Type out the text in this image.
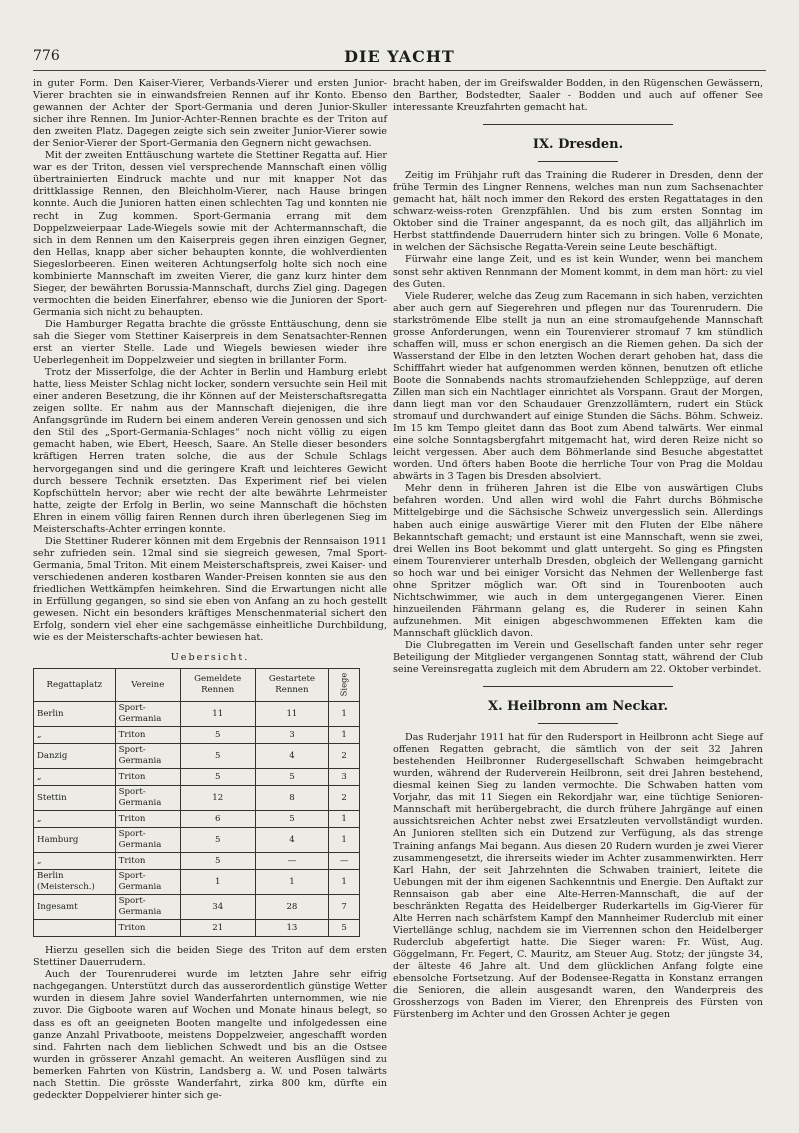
776	DIE YACHT

in guter Form. Den Kaiser-Vierer, Verbands-Vierer und ersten Junior-Vierer brachten sie in einwandsfreien Rennen auf ihr Konto. Ebenso gewannen der Achter der Sport-Germania und deren Junior-Skuller sicher ihre Rennen. Im Junior-Achter-Rennen brachte es der Triton auf den zweiten Platz. Dagegen zeigte sich sein zweiter Junior-Vierer sowie der Senior-Vierer der Sport-Germania den Gegnern nicht gewachsen.

Mit der zweiten Enttäuschung wartete die Stettiner Regatta auf. Hier war es der Triton, dessen viel versprechende Mannschaft einen völlig übertrainierten Eindruck machte und nur mit knapper Not das drittklassige Rennen, den Bleichholm-Vierer, nach Hause bringen konnte. Auch die Junioren hatten einen schlechten Tag und konnten nie recht in Zug kommen. Sport-Germania errang mit dem Doppelzweierpaar Lade-Wiegels sowie mit der Achtermannschaft, die sich in dem Rennen um den Kaiserpreis gegen ihren einzigen Gegner, den Hellas, knapp aber sicher behaupten konnte, die wohlverdienten Siegeslorbeeren. Einen weiteren Achtungserfolg holte sich noch eine kombinierte Mannschaft im zweiten Vierer, die ganz kurz hinter dem Sieger, der bewährten Borussia-Mannschaft, durchs Ziel ging. Dagegen vermochten die beiden Einerfahrer, ebenso wie die Junioren der Sport-Germania sich nicht zu behaupten.

Die Hamburger Regatta brachte die grösste Enttäuschung, denn sie sah die Sieger vom Stettiner Kaiserpreis in dem Senatsachter-Rennen erst an vierter Stelle. Lade und Wiegels bewiesen wieder ihre Ueberlegenheit im Doppelzweier und siegten in brillanter Form.

Trotz der Misserfolge, die der Achter in Berlin und Hamburg erlebt hatte, liess Meister Schlag nicht locker, sondern versuchte sein Heil mit einer anderen Besetzung, die ihr Können auf der Meisterschaftsregatta zeigen sollte. Er nahm aus der Mannschaft diejenigen, die ihre Anfangsgründe im Rudern bei einem anderen Verein genossen und sich den Stil des „Sport-Germania-Schlages“ noch nicht völlig zu eigen gemacht haben, wie Ebert, Heesch, Saare. An Stelle dieser besonders kräftigen Herren traten solche, die aus der Schule Schlags hervorgegangen sind und die geringere Kraft und leichteres Gewicht durch bessere Technik ersetzten. Das Experiment rief bei vielen Kopfschütteln hervor; aber wie recht der alte bewährte Lehrmeister hatte, zeigte der Erfolg in Berlin, wo seine Mannschaft die höchsten Ehren in einem völlig fairen Rennen durch ihren überlegenen Sieg im Meisterschafts-Achter erringen konnte.

Die Stettiner Ruderer können mit dem Ergebnis der Rennsaison 1911 sehr zufrieden sein. 12mal sind sie siegreich gewesen, 7mal Sport-Germania, 5mal Triton. Mit einem Meisterschaftspreis, zwei Kaiser- und verschiedenen anderen kostbaren Wander-Preisen konnten sie aus den friedlichen Wettkämpfen heimkehren. Sind die Erwartungen nicht alle in Erfüllung gegangen, so sind sie eben von Anfang an zu hoch gestellt gewesen. Nicht ein besonders kräftiges Menschenmaterial sichert den Erfolg, sondern viel eher eine sachgemässe einheitliche Durchbildung, wie es der Meisterschafts-achter bewiesen hat.

Uebersicht.
Regattaplatz	Vereine	Gemeldete Rennen	Gestartete Rennen	Siege
Berlin	Sport-Germania	11	11	1
„	Triton	5	3	1
Danzig	Sport-Germania	5	4	2
„	Triton	5	5	3
Stettin	Sport-Germania	12	8	2
„	Triton	6	5	1
Hamburg	Sport-Germania	5	4	1
„	Triton	5	—	—
Berlin (Meistersch.)	Sport-Germania	1	1	1
Ingesamt	Sport-Germania	34	28	7
	Triton	21	13	5

Hierzu gesellen sich die beiden Siege des Triton auf dem ersten Stettiner Dauerrudern.

Auch der Tourenruderei wurde im letzten Jahre sehr eifrig nachgegangen. Unterstützt durch das ausserordentlich günstige Wetter wurden in diesem Jahre soviel Wanderfahrten unternommen, wie nie zuvor. Die Gigboote waren auf Wochen und Monate hinaus belegt, so dass es oft an geeigneten Booten mangelte und infolgedessen eine ganze Anzahl Privatboote, meistens Doppelzweier, angeschafft worden sind. Fahrten nach dem lieblichen Schwedt und bis an die Ostsee wurden in grösserer Anzahl gemacht. An weiteren Ausflügen sind zu bemerken Fahrten von Küstrin, Landsberg a. W. und Posen talwärts nach Stettin. Die grösste Wanderfahrt, zirka 800 km, dürfte ein gedeckter Doppelvierer hinter sich ge-

bracht haben, der im Greifswalder Bodden, in den Rügenschen Gewässern, den Barther, Bodstedter, Saaler - Bodden und auch auf offener See interessante Kreuzfahrten gemacht hat.

IX. Dresden.

Zeitig im Frühjahr ruft das Training die Ruderer in Dresden, denn der frühe Termin des Lingner Rennens, welches man nun zum Sachsenachter gemacht hat, hält noch immer den Rekord des ersten Regattatages in den schwarz-weiss-roten Grenzpfählen. Und bis zum ersten Sonntag im Oktober sind die Trainer angespannt, da es noch gilt, das alljährlich im Herbst stattfindende Dauerrudern hinter sich zu bringen. Volle 6 Monate, in welchen der Sächsische Regatta-Verein seine Leute beschäftigt.

Fürwahr eine lange Zeit, und es ist kein Wunder, wenn bei manchem sonst sehr aktiven Rennmann der Moment kommt, in dem man hört: zu viel des Guten.

Viele Ruderer, welche das Zeug zum Racemann in sich haben, verzichten aber auch gern auf Siegerehren und pflegen nur das Tourenrudern. Die starkströmende Elbe stellt ja nun an eine stromaufgehende Mannschaft grosse Anforderungen, wenn ein Tourenvierer stromauf 7 km stündlich schaffen will, muss er schon energisch an die Riemen gehen. Da sich der Wasserstand der Elbe in den letzten Wochen derart gehoben hat, dass die Schifffahrt wieder hat aufgenommen werden können, benutzen oft etliche Boote die Sonnabends nachts stromaufziehenden Schleppzüge, auf deren Zillen man sich ein Nachtlager einrichtet als Vorspann. Graut der Morgen, dann liegt man vor den Schaudauer Grenzzollämtern, rudert ein Stück stromauf und durchwandert auf einige Stunden die Sächs. Böhm. Schweiz. Im 15 km Tempo gleitet dann das Boot zum Abend talwärts. Wer einmal eine solche Sonntagsbergfahrt mitgemacht hat, wird deren Reize nicht so leicht vergessen. Aber auch dem Böhmerlande sind Besuche abgestattet worden. Und öfters haben Boote die herrliche Tour von Prag die Moldau abwärts in 3 Tagen bis Dresden absolviert.

Mehr denn in früheren Jahren ist die Elbe von auswärtigen Clubs befahren worden. Und allen wird wohl die Fahrt durchs Böhmische Mittelgebirge und die Sächsische Schweiz unvergesslich sein. Allerdings haben auch einige auswärtige Vierer mit den Fluten der Elbe nähere Bekanntschaft gemacht; und erstaunt ist eine Mannschaft, wenn sie zwei, drei Wellen ins Boot bekommt und glatt untergeht. So ging es Pfingsten einem Tourenvierer unterhalb Dresden, obgleich der Wellengang garnicht so hoch war und bei einiger Vorsicht das Nehmen der Wellenberge fast ohne Spritzer möglich war. Oft sind in Tourenbooten auch Nichtschwimmer, wie auch in dem untergegangenen Vierer. Einen hinzueilenden Fährmann gelang es, die Ruderer in seinen Kahn aufzunehmen. Mit einigen abgeschwommenen Effekten kam die Mannschaft glücklich davon.

Die Clubregatten im Verein und Gesellschaft fanden unter sehr reger Beteiligung der Mitglieder vergangenen Sonntag statt, während der Club seine Vereinsregatta zugleich mit dem Abrudern am 22. Oktober verbindet.

X. Heilbronn am Neckar.

Das Ruderjahr 1911 hat für den Rudersport in Heilbronn acht Siege auf offenen Regatten gebracht, die sämtlich von der seit 32 Jahren bestehenden Heilbronner Rudergesellschaft Schwaben heimgebracht wurden, während der Ruderverein Heilbronn, seit drei Jahren bestehend, diesmal keinen Sieg zu landen vermochte. Die Schwaben hatten vom Vorjahr, das mit 11 Siegen ein Rekordjahr war, eine tüchtige Senioren-Mannschaft mit herübergebracht, die durch frühere Jahrgänge auf einen aussichtsreichen Achter nebst zwei Ersatzleuten vervollständigt wurden. An Junioren stellten sich ein Dutzend zur Verfügung, als das strenge Training anfangs Mai begann. Aus diesen 20 Rudern wurden je zwei Vierer zusammengesetzt, die ihrerseits wieder im Achter zusammenwirkten. Herr Karl Hahn, der seit Jahrzehnten die Schwaben trainiert, leitete die Uebungen mit der ihm eigenen Sachkenntnis und Energie. Den Auftakt zur Rennsaison gab aber eine Alte-Herren-Mannschaft, die auf der beschränkten Regatta des Heidelberger Ruderkartells im Gig-Vierer für Alte Herren nach schärfstem Kampf den Mannheimer Ruderclub mit einer Viertellänge schlug, nachdem sie im Vierrennen schon den Heidelberger Ruderclub abgefertigt hatte. Die Sieger waren: Fr. Wüst, Aug. Göggelmann, Fr. Fegert, C. Mauritz, am Steuer Aug. Stotz; der jüngste 34, der älteste 46 Jahre alt. Und dem glücklichen Anfang folgte eine ebensolche Fortsetzung. Auf der Bodensee-Regatta in Konstanz errangen die Senioren, die allein ausgesandt waren, den Wanderpreis des Grossherzogs von Baden im Vierer, den Ehrenpreis des Fürsten von Fürstenberg im Achter und den Grossen Achter je gegen
